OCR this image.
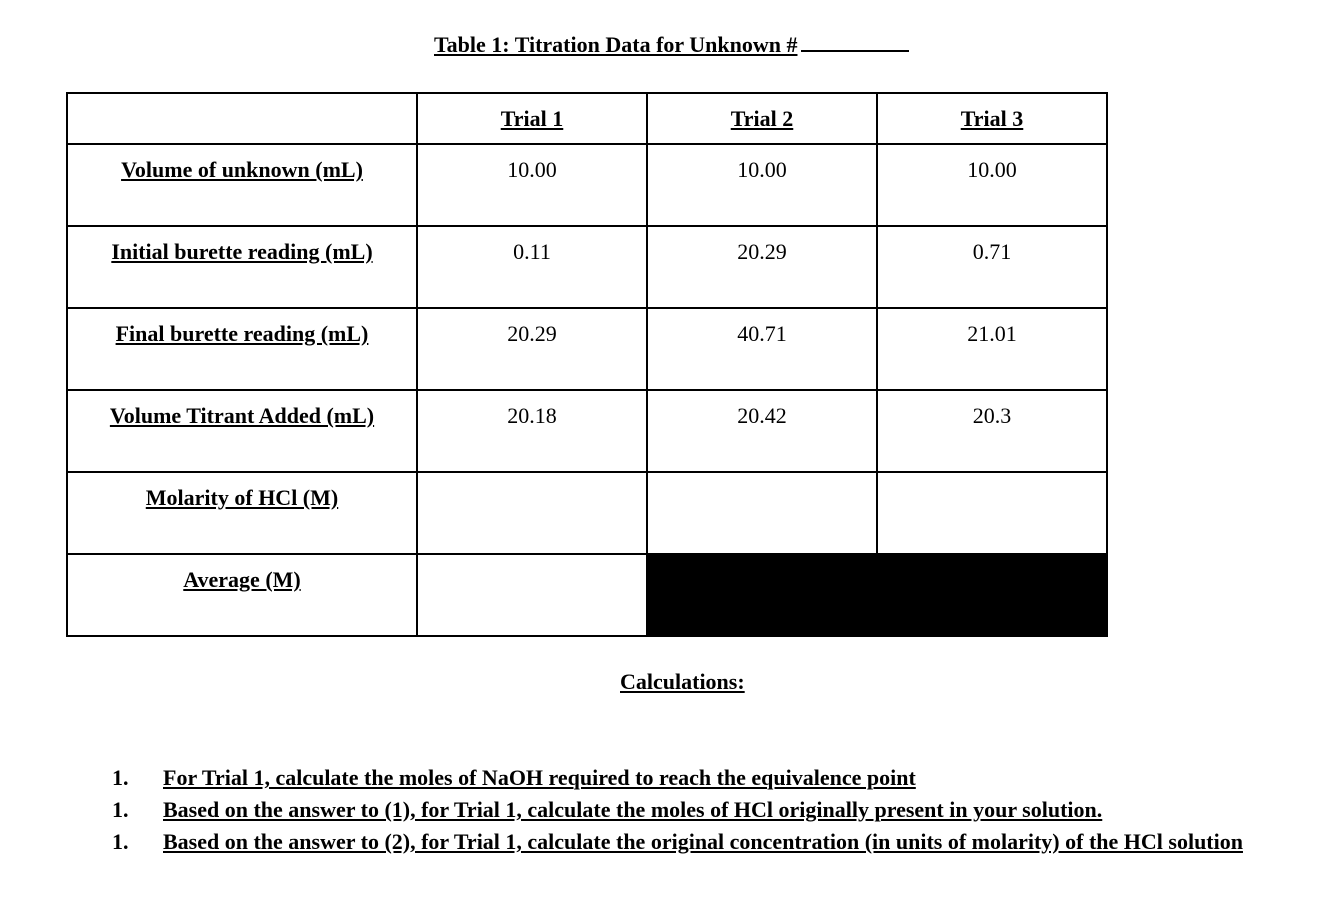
Table 1: Titration Data for Unknown #

	Trial 1	Trial 2	Trial 3

Volume of unknown (mL)	10.00	10.00	10.00

Initial burette reading (mL)	0.11	20.29	0.71

Final burette reading (mL)	20.29	40.71	21.01

Volume Titrant Added (mL)	20.18	20.42	20.3

Molarity of HCl (M)			

Average (M)			

Calculations:
1. For Trial 1, calculate the moles of NaOH required to reach the equivalence point
1. Based on the answer to (1), for Trial 1, calculate the moles of HCl originally present in your solution.
1. Based on the answer to (2), for Trial 1, calculate the original concentration (in units of molarity) of the HCl solution
